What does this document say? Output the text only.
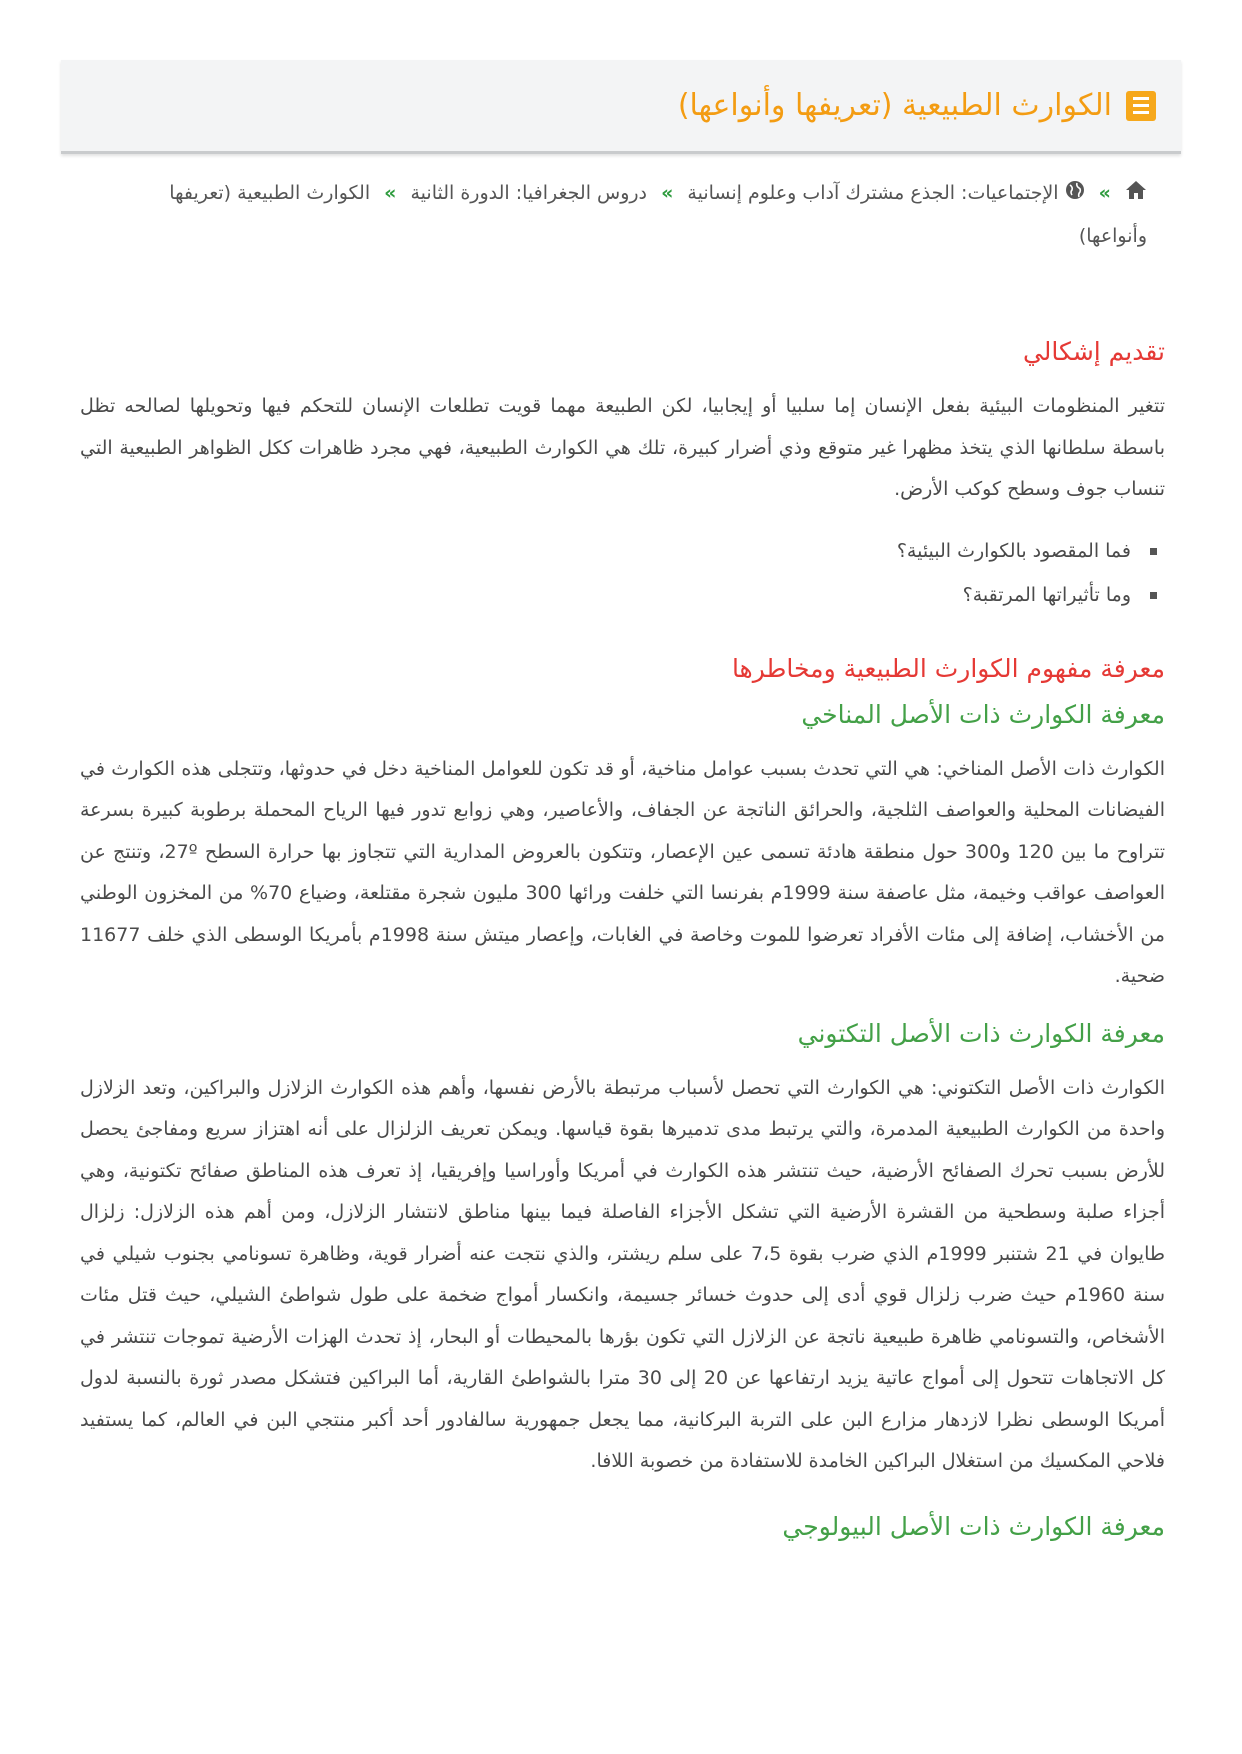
الكوارث الطبيعية (تعريفها وأنواعها)
»  الإجتماعيات: الجذع مشترك آداب وعلوم إنسانية » دروس الجغرافيا: الدورة الثانية » الكوارث الطبيعية (تعريفها وأنواعها)
تقديم إشكالي

تتغير المنظومات البيئية بفعل الإنسان إما سلبيا أو إيجابيا، لكن الطبيعة مهما قويت تطلعات الإنسان للتحكم فيها وتحويلها لصالحه تظل باسطة سلطانها الذي يتخذ مظهرا غير متوقع وذي أضرار كبيرة، تلك هي الكوارث الطبيعية، فهي مجرد ظاهرات ككل الظواهر الطبيعية التي تنساب جوف وسطح كوكب الأرض.

فما المقصود بالكوارث البيئية؟
وما تأثيراتها المرتقبة؟
معرفة مفهوم الكوارث الطبيعية ومخاطرها
معرفة الكوارث ذات الأصل المناخي

الكوارث ذات الأصل المناخي: هي التي تحدث بسبب عوامل مناخية، أو قد تكون للعوامل المناخية دخل في حدوثها، وتتجلى هذه الكوارث في الفيضانات المحلية والعواصف الثلجية، والحرائق الناتجة عن الجفاف، والأعاصير، وهي زوابع تدور فيها الرياح المحملة برطوبة كبيرة بسرعة تتراوح ما بين 120 و300 حول منطقة هادئة تسمى عين الإعصار، وتتكون بالعروض المدارية التي تتجاوز بها حرارة السطح 27º، وتنتج عن العواصف عواقب وخيمة، مثل عاصفة سنة 1999م بفرنسا التي خلفت ورائها 300 مليون شجرة مقتلعة، وضياع 70% من المخزون الوطني من الأخشاب، إضافة إلى مئات الأفراد تعرضوا للموت وخاصة في الغابات، وإعصار ميتش سنة 1998م بأمريكا الوسطى الذي خلف 11677 ضحية.

معرفة الكوارث ذات الأصل التكتوني

الكوارث ذات الأصل التكتوني: هي الكوارث التي تحصل لأسباب مرتبطة بالأرض نفسها، وأهم هذه الكوارث الزلازل والبراكين، وتعد الزلازل واحدة من الكوارث الطبيعية المدمرة، والتي يرتبط مدى تدميرها بقوة قياسها. ويمكن تعريف الزلزال على أنه اهتزاز سريع ومفاجئ يحصل للأرض بسبب تحرك الصفائح الأرضية، حيث تنتشر هذه الكوارث في أمريكا وأوراسيا وإفريقيا، إذ تعرف هذه المناطق صفائح تكتونية، وهي أجزاء صلبة وسطحية من القشرة الأرضية التي تشكل الأجزاء الفاصلة فيما بينها مناطق لانتشار الزلازل، ومن أهم هذه الزلازل: زلزال طايوان في 21 شتنبر 1999م الذي ضرب بقوة 7،5 على سلم ريشتر، والذي نتجت عنه أضرار قوية، وظاهرة تسونامي بجنوب شيلي في سنة 1960م حيث ضرب زلزال قوي أدى إلى حدوث خسائر جسيمة، وانكسار أمواج ضخمة على طول شواطئ الشيلي، حيث قتل مئات الأشخاص، والتسونامي ظاهرة طبيعية ناتجة عن الزلازل التي تكون بؤرها بالمحيطات أو البحار، إذ تحدث الهزات الأرضية تموجات تنتشر في كل الاتجاهات تتحول إلى أمواج عاتية يزيد ارتفاعها عن 20 إلى 30 مترا بالشواطئ القارية، أما البراكين فتشكل مصدر ثورة بالنسبة لدول أمريكا الوسطى نظرا لازدهار مزارع البن على التربة البركانية، مما يجعل جمهورية سالفادور أحد أكبر منتجي البن في العالم، كما يستفيد فلاحي المكسيك من استغلال البراكين الخامدة للاستفادة من خصوبة اللافا.

معرفة الكوارث ذات الأصل البيولوجي
